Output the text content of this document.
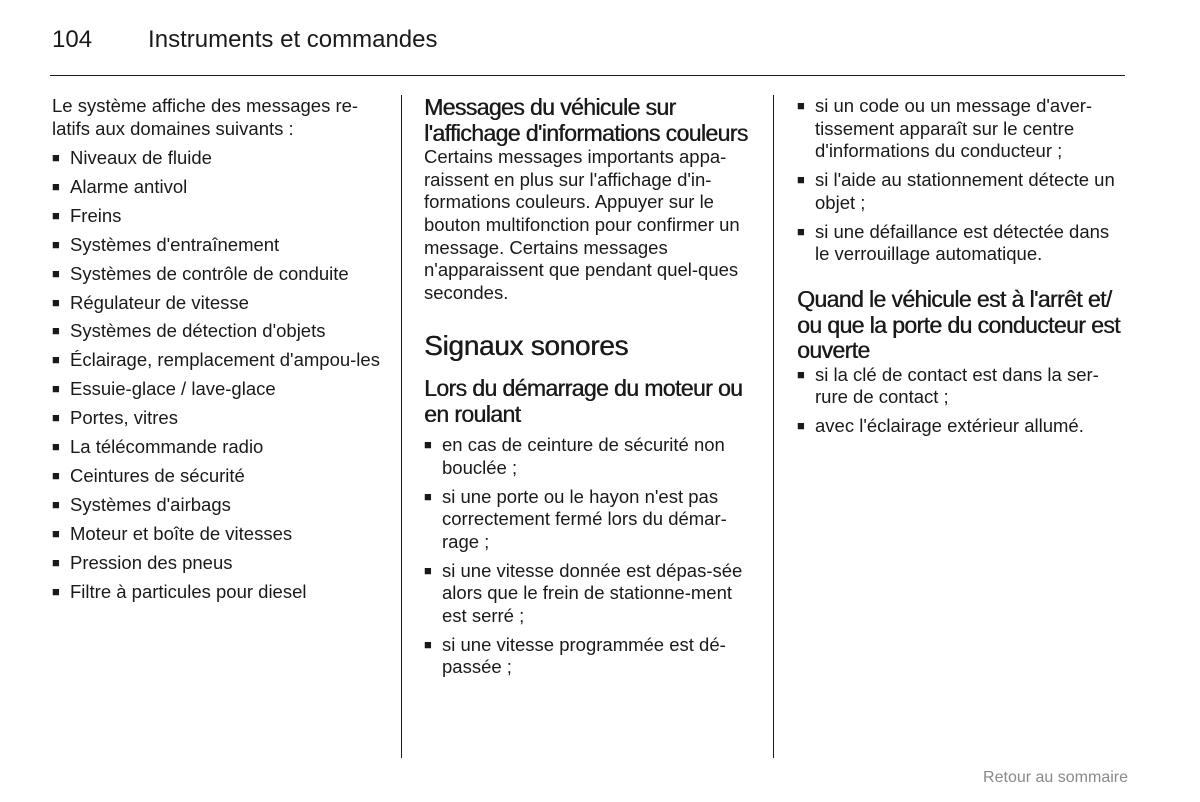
104 Instruments et commandes

Le système affiche des messages re-latifs aux domaines suivants :

■ Niveaux de fluide
■ Alarme antivol
■ Freins
■ Systèmes d'entraînement
■ Systèmes de contrôle de conduite
■ Régulateur de vitesse
■ Systèmes de détection d'objets
■ Éclairage, remplacement d'ampou-les
■ Essuie-glace / lave-glace
■ Portes, vitres
■ La télécommande radio
■ Ceintures de sécurité
■ Systèmes d'airbags
■ Moteur et boîte de vitesses
■ Pression des pneus
■ Filtre à particules pour diesel
Messages du véhicule sur l'affichage d'informations couleurs

Certains messages importants appa-raissent en plus sur l'affichage d'in-formations couleurs. Appuyer sur le bouton multifonction pour confirmer un message. Certains messages n'apparaissent que pendant quel-ques secondes.

Signaux sonores
Lors du démarrage du moteur ou en roulant
■ en cas de ceinture de sécurité non bouclée ;
■ si une porte ou le hayon n'est pas correctement fermé lors du démar-rage ;
■ si une vitesse donnée est dépas-sée alors que le frein de stationne-ment est serré ;
■ si une vitesse programmée est dé-passée ;
■ si un code ou un message d'aver-tissement apparaît sur le centre d'informations du conducteur ;
■ si l'aide au stationnement détecte un objet ;
■ si une défaillance est détectée dans le verrouillage automatique.
Quand le véhicule est à l'arrêt et/ ou que la porte du conducteur est ouverte
■ si la clé de contact est dans la ser-rure de contact ;
■ avec l'éclairage extérieur allumé.
Retour au sommaire
